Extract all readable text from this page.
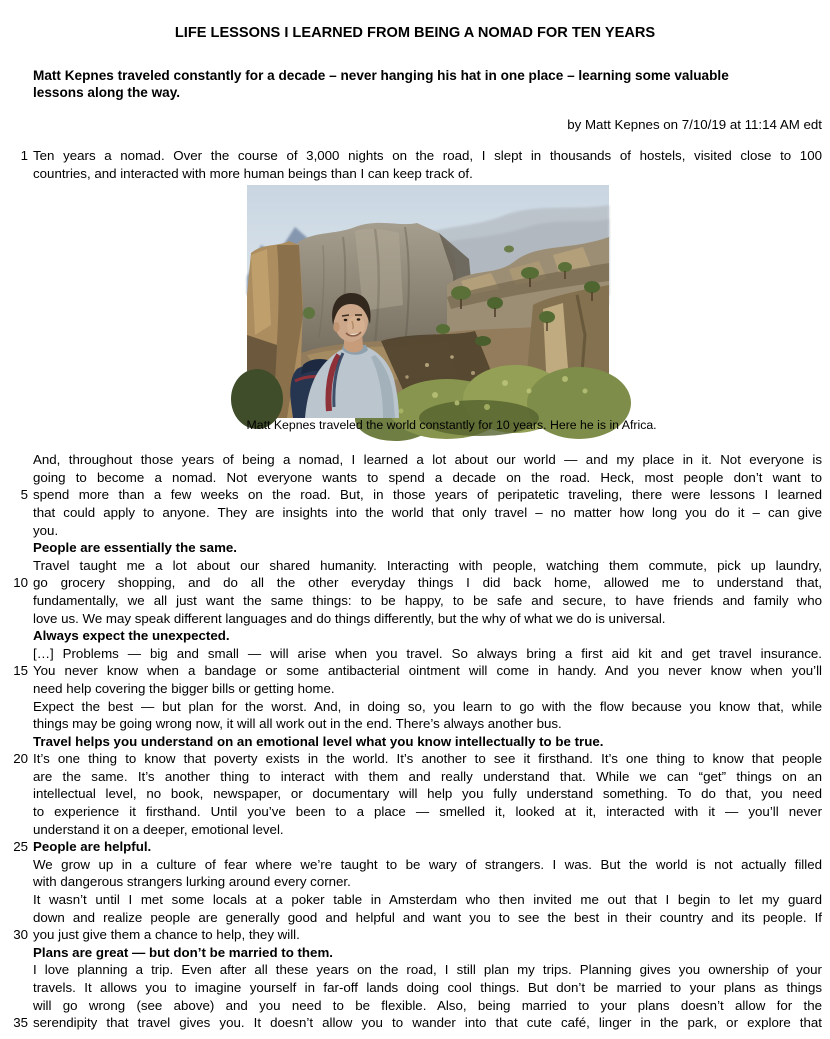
LIFE LESSONS I LEARNED FROM BEING A NOMAD FOR TEN YEARS
Matt Kepnes traveled constantly for a decade – never hanging his hat in one place – learning some valuable
lessons along the way.
by Matt Kepnes on 7/10/19 at 11:14 AM edt
1 Ten years a nomad. Over the course of 3,000 nights on the road, I slept in thousands of hostels, visited close to 100
countries, and interacted with more human beings than I can keep track of.
Matt Kepnes traveled the world constantly for 10 years. Here he is in Africa.
And, throughout those years of being a nomad, I learned a lot about our world — and my place in it. Not everyone is
going to become a nomad. Not everyone wants to spend a decade on the road. Heck, most people don’t want to
5 spend more than a few weeks on the road. But, in those years of peripatetic traveling, there were lessons I learned
that could apply to anyone. They are insights into the world that only travel – no matter how long you do it – can give
you.
People are essentially the same.
Travel taught me a lot about our shared humanity. Interacting with people, watching them commute, pick up laundry,
10 go grocery shopping, and do all the other everyday things I did back home, allowed me to understand that,
fundamentally, we all just want the same things: to be happy, to be safe and secure, to have friends and family who
love us. We may speak different languages and do things differently, but the why of what we do is universal.
Always expect the unexpected.
[…] Problems — big and small — will arise when you travel. So always bring a first aid kit and get travel insurance.
15 You never know when a bandage or some antibacterial ointment will come in handy. And you never know when you’ll
need help covering the bigger bills or getting home.
Expect the best — but plan for the worst. And, in doing so, you learn to go with the flow because you know that, while
things may be going wrong now, it will all work out in the end. There’s always another bus.
Travel helps you understand on an emotional level what you know intellectually to be true.
20 It’s one thing to know that poverty exists in the world. It’s another to see it firsthand. It’s one thing to know that people
are the same. It’s another thing to interact with them and really understand that. While we can “get” things on an
intellectual level, no book, newspaper, or documentary will help you fully understand something. To do that, you need
to experience it firsthand. Until you’ve been to a place — smelled it, looked at it, interacted with it — you’ll never
understand it on a deeper, emotional level.
25 People are helpful.
We grow up in a culture of fear where we’re taught to be wary of strangers. I was. But the world is not actually filled
with dangerous strangers lurking around every corner.
It wasn’t until I met some locals at a poker table in Amsterdam who then invited me out that I begin to let my guard
down and realize people are generally good and helpful and want you to see the best in their country and its people. If
30 you just give them a chance to help, they will.
Plans are great — but don’t be married to them.
I love planning a trip. Even after all these years on the road, I still plan my trips. Planning gives you ownership of your
travels. It allows you to imagine yourself in far-off lands doing cool things. But don’t be married to your plans as things
will go wrong (see above) and you need to be flexible. Also, being married to your plans doesn’t allow for the
35 serendipity that travel gives you. It doesn’t allow you to wander into that cute café, linger in the park, or explore that
